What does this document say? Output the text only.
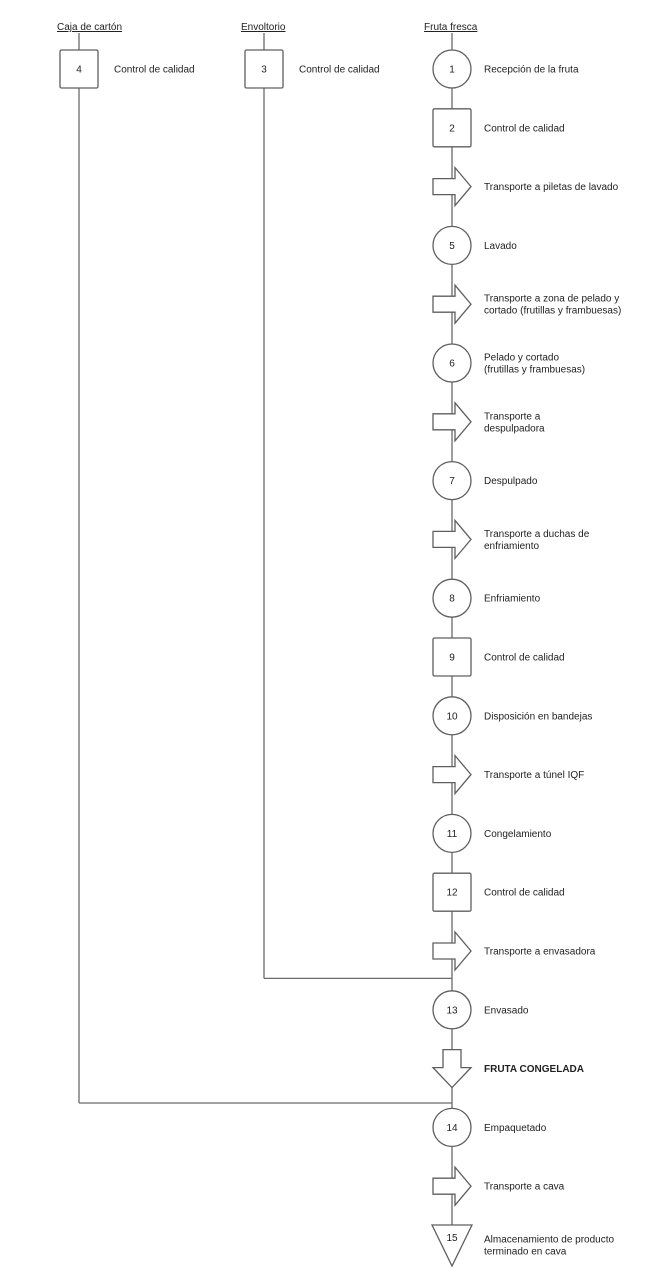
Caja de cartón	Envoltorio	Fruta fresca
4	Control de calidad	3	Control de calidad	1	Recepción de la fruta
2	Control de calidad
Transporte a piletas de lavado
5	Lavado
Transporte a zona de pelado y
cortado (frutillas y frambuesas)
6
Pelado y cortado
(frutillas y frambuesas)
Transporte a
despulpadora
7	Despulpado
Transporte a duchas de
enfriamiento
8	Enfriamiento
9	Control de calidad
10	Disposición en bandejas
Transporte a túnel IQF
11	Congelamiento
12	Control de calidad
Transporte a envasadora
13	Envasado
FRUTA CONGELADA
14	Empaquetado
Transporte a cava
15	Almacenamiento de producto
terminado en cava
